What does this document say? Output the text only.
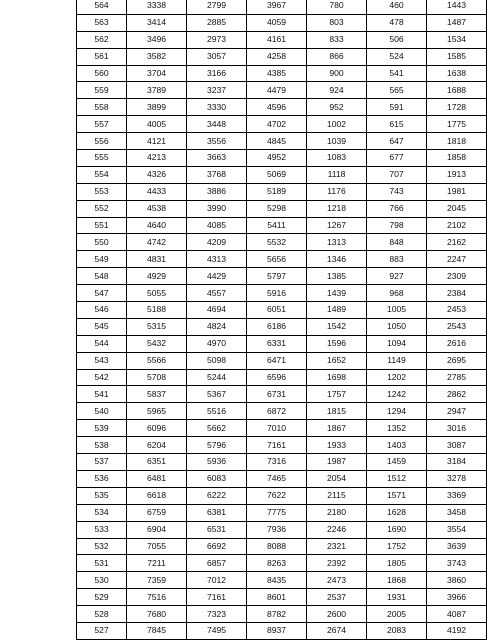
564	3338	2799	3967	780	460	1443
563	3414	2885	4059	803	478	1487
562	3496	2973	4161	833	506	1534
561	3582	3057	4258	866	524	1585
560	3704	3166	4385	900	541	1638
559	3789	3237	4479	924	565	1688
558	3899	3330	4596	952	591	1728
557	4005	3448	4702	1002	615	1775
556	4121	3556	4845	1039	647	1818
555	4213	3663	4952	1083	677	1858
554	4326	3768	5069	1118	707	1913
553	4433	3886	5189	1176	743	1981
552	4538	3990	5298	1218	766	2045
551	4640	4085	5411	1267	798	2102
550	4742	4209	5532	1313	848	2162
549	4831	4313	5656	1346	883	2247
548	4929	4429	5797	1385	927	2309
547	5055	4557	5916	1439	968	2384
546	5188	4694	6051	1489	1005	2453
545	5315	4824	6186	1542	1050	2543
544	5432	4970	6331	1596	1094	2616
543	5566	5098	6471	1652	1149	2695
542	5708	5244	6596	1698	1202	2785
541	5837	5367	6731	1757	1242	2862
540	5965	5516	6872	1815	1294	2947
539	6096	5662	7010	1867	1352	3016
538	6204	5796	7161	1933	1403	3087
537	6351	5936	7316	1987	1459	3184
536	6481	6083	7465	2054	1512	3278
535	6618	6222	7622	2115	1571	3369
534	6759	6381	7775	2180	1628	3458
533	6904	6531	7936	2246	1690	3554
532	7055	6692	8088	2321	1752	3639
531	7211	6857	8263	2392	1805	3743
530	7359	7012	8435	2473	1868	3860
529	7516	7161	8601	2537	1931	3966
528	7680	7323	8782	2600	2005	4087
527	7845	7495	8937	2674	2083	4192
